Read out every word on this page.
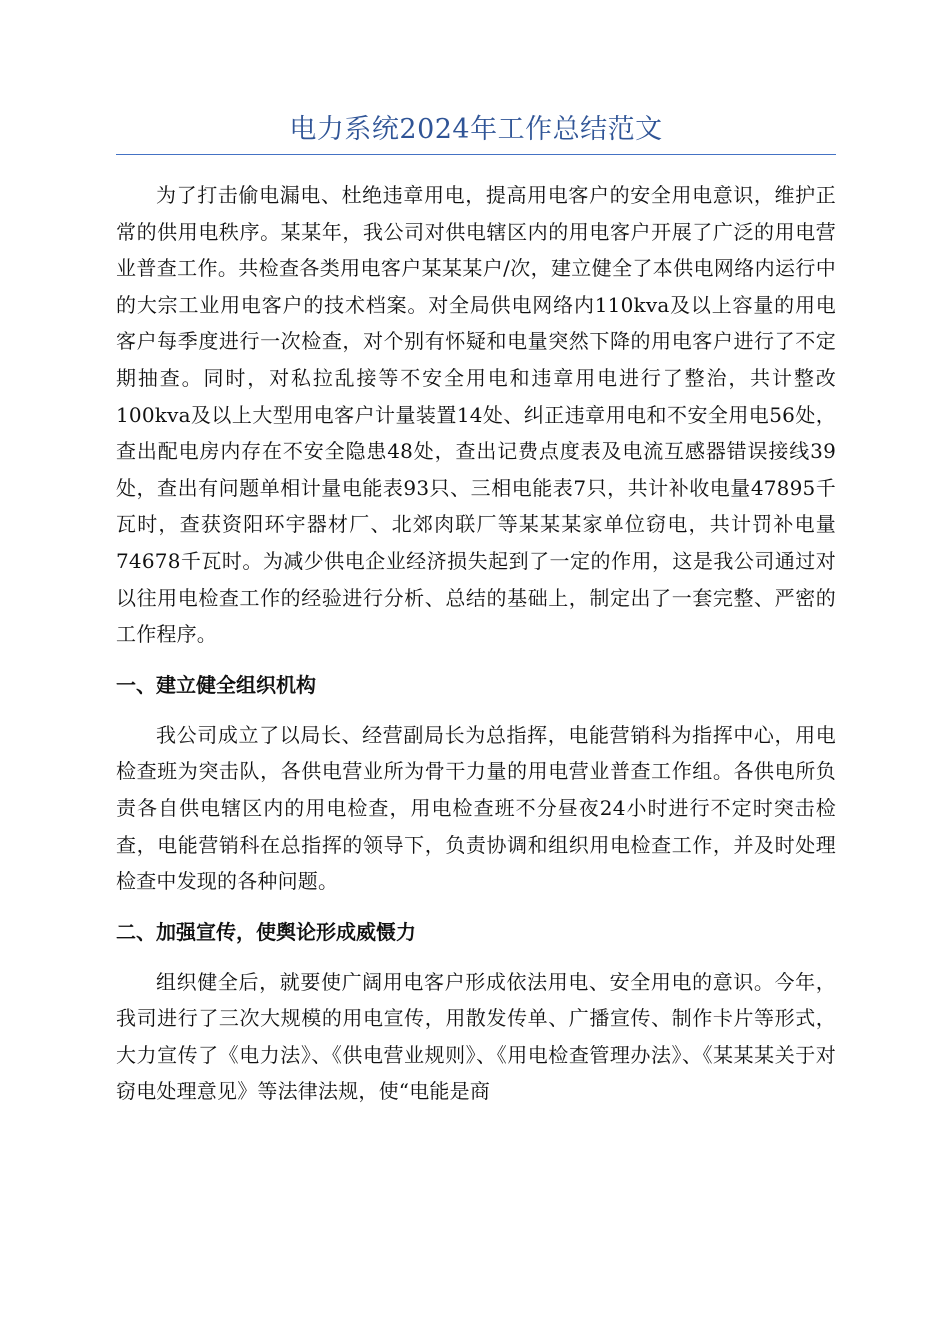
电力系统2024年工作总结范文

为了打击偷电漏电、杜绝违章用电，提高用电客户的安全用电意识，维护正常的供用电秩序。某某年，我公司对供电辖区内的用电客户开展了广泛的用电营业普查工作。共检查各类用电客户某某某户/次，建立健全了本供电网络内运行中的大宗工业用电客户的技术档案。对全局供电网络内110kva及以上容量的用电客户每季度进行一次检查，对个别有怀疑和电量突然下降的用电客户进行了不定期抽查。同时，对私拉乱接等不安全用电和违章用电进行了整治，共计整改100kva及以上大型用电客户计量装置14处、纠正违章用电和不安全用电56处，查出配电房内存在不安全隐患48处，查出记费点度表及电流互感器错误接线39处，查出有问题单相计量电能表93只、三相电能表7只，共计补收电量47895千瓦时，查获资阳环宇器材厂、北郊肉联厂等某某某家单位窃电，共计罚补电量74678千瓦时。为减少供电企业经济损失起到了一定的作用，这是我公司通过对以往用电检查工作的经验进行分析、总结的基础上，制定出了一套完整、严密的工作程序。

一、建立健全组织机构

我公司成立了以局长、经营副局长为总指挥，电能营销科为指挥中心，用电检查班为突击队，各供电营业所为骨干力量的用电营业普查工作组。各供电所负责各自供电辖区内的用电检查，用电检查班不分昼夜24小时进行不定时突击检查，电能营销科在总指挥的领导下，负责协调和组织用电检查工作，并及时处理检查中发现的各种问题。

二、加强宣传，使舆论形成威慑力

组织健全后，就要使广阔用电客户形成依法用电、安全用电的意识。今年，我司进行了三次大规模的用电宣传，用散发传单、广播宣传、制作卡片等形式，大力宣传了《电力法》、《供电营业规则》、《用电检查管理办法》、《某某某关于对窃电处理意见》等法律法规，使“电能是商
